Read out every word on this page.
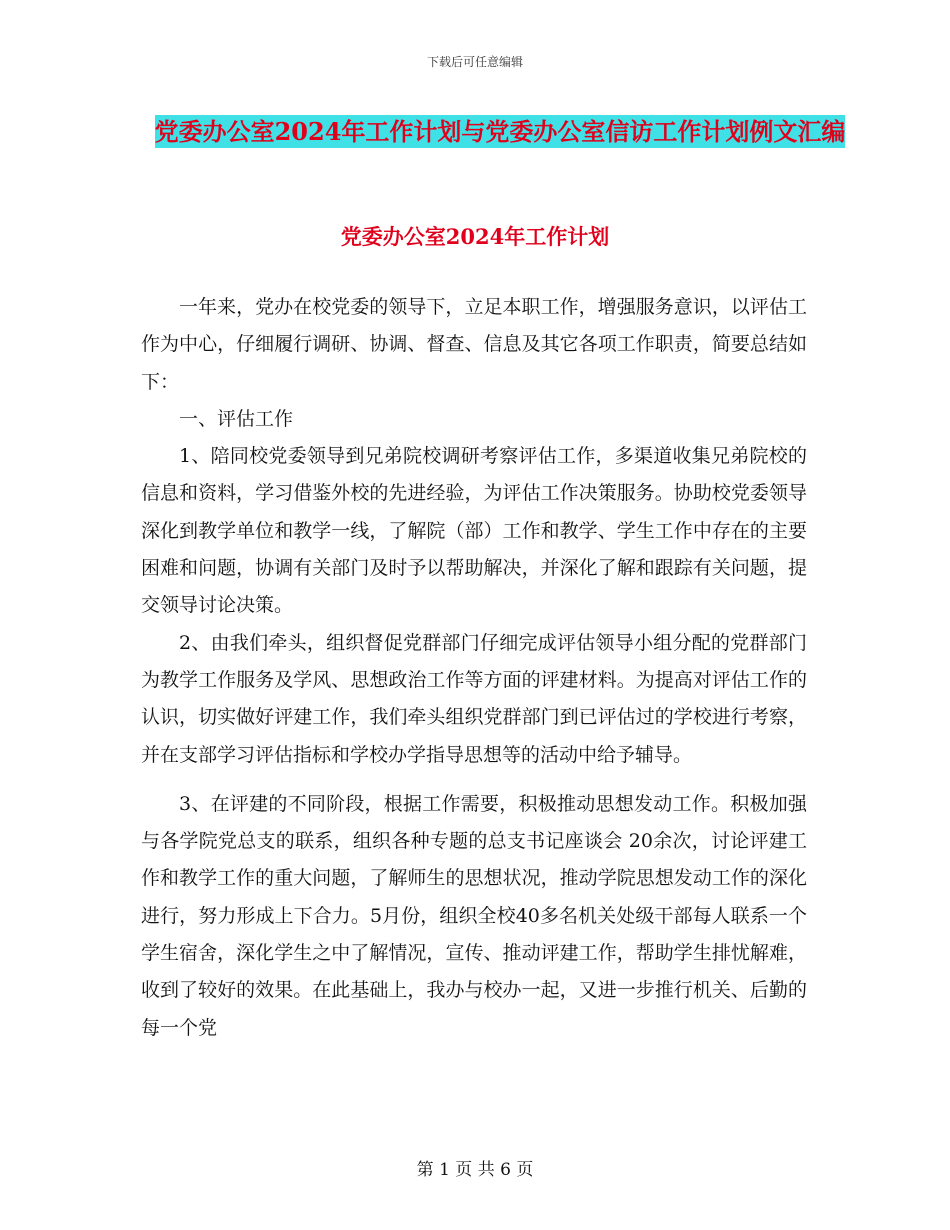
下载后可任意编辑
党委办公室2024年工作计划与党委办公室信访工作计划例文汇编
党委办公室2024年工作计划

一年来，党办在校党委的领导下，立足本职工作，增强服务意识，以评估工作为中心，仔细履行调研、协调、督查、信息及其它各项工作职责，简要总结如下：

一、评估工作

1、陪同校党委领导到兄弟院校调研考察评估工作，多渠道收集兄弟院校的信息和资料，学习借鉴外校的先进经验，为评估工作决策服务。协助校党委领导深化到教学单位和教学一线，了解院（部）工作和教学、学生工作中存在的主要困难和问题，协调有关部门及时予以帮助解决，并深化了解和跟踪有关问题，提交领导讨论决策。

2、由我们牵头，组织督促党群部门仔细完成评估领导小组分配的党群部门为教学工作服务及学风、思想政治工作等方面的评建材料。为提高对评估工作的认识，切实做好评建工作，我们牵头组织党群部门到已评估过的学校进行考察，并在支部学习评估指标和学校办学指导思想等的活动中给予辅导。

3、在评建的不同阶段，根据工作需要，积极推动思想发动工作。积极加强与各学院党总支的联系，组织各种专题的总支书记座谈会 20余次，讨论评建工作和教学工作的重大问题，了解师生的思想状况，推动学院思想发动工作的深化进行，努力形成上下合力。5月份，组织全校40多名机关处级干部每人联系一个学生宿舍，深化学生之中了解情况，宣传、推动评建工作，帮助学生排忧解难，收到了较好的效果。在此基础上，我办与校办一起，又进一步推行机关、后勤的每一个党

第 1 页 共 6 页
